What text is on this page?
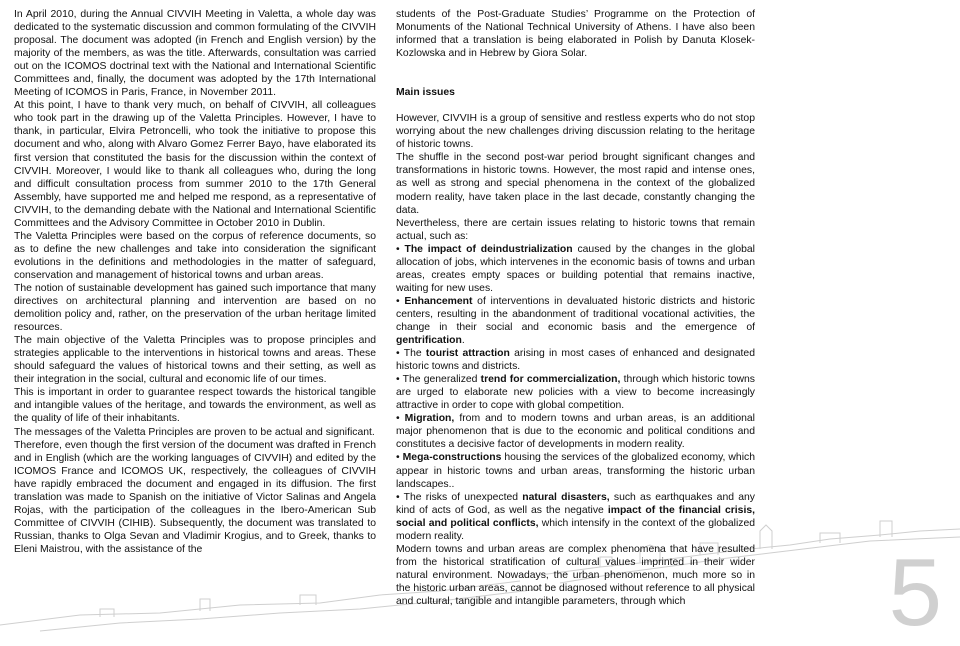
In April 2010, during the Annual CIVVIH Meeting in Valetta, a whole day was dedicated to the systematic discussion and common formulating of the CIVVIH proposal. The document was adopted (in French and English version) by the majority of the members, as was the title. Afterwards, consultation was carried out on the ICOMOS doctrinal text with the National and International Scientific Committees and, finally, the document was adopted by the 17th International Meeting of ICOMOS in Paris, France, in November 2011.

At this point, I have to thank very much, on behalf of CIVVIH, all colleagues who took part in the drawing up of the Valetta Principles. However, I have to thank, in particular, Elvira Petroncelli, who took the initiative to propose this document and who, along with Alvaro Gomez Ferrer Bayo, have elaborated its first version that constituted the basis for the discussion within the context of CIVVIH. Moreover, I would like to thank all colleagues who, during the long and difficult consultation process from summer 2010 to the 17th General Assembly, have supported me and helped me respond, as a representative of CIVVIH, to the demanding debate with the National and International Scientific Committees and the Advisory Committee in October 2010 in Dublin.

The Valetta Principles were based on the corpus of reference documents, so as to define the new challenges and take into consideration the significant evolutions in the definitions and methodologies in the matter of safeguard, conservation and management of historical towns and urban areas.

The notion of sustainable development has gained such importance that many directives on architectural planning and intervention are based on no demolition policy and, rather, on the preservation of the urban heritage limited resources.

The main objective of the Valetta Principles was to propose principles and strategies applicable to the interventions in historical towns and areas. These should safeguard the values of historical towns and their setting, as well as their integration in the social, cultural and economic life of our times.

This is important in order to guarantee respect towards the historical tangible and intangible values of the heritage, and towards the environment, as well as the quality of life of their inhabitants.

The messages of the Valetta Principles are proven to be actual and significant.

Therefore, even though the first version of the document was drafted in French and in English (which are the working languages of CIVVIH) and edited by the ICOMOS France and ICOMOS UK, respectively, the colleagues of CIVVIH have rapidly embraced the document and engaged in its diffusion. The first translation was made to Spanish on the initiative of Victor Salinas and Angela Rojas, with the participation of the colleagues in the Ibero-American Sub Committee of CIVVIH (CIHIB). Subsequently, the document was translated to Russian, thanks to Olga Sevan and Vladimir Krogius, and to Greek, thanks to Eleni Maistrou, with the assistance of the

students of the Post-Graduate Studies’ Programme on the Protection of Monuments of the National Technical University of Athens. I have also been informed that a translation is being elaborated in Polish by Danuta Klosek-Kozlowska and in Hebrew by Giora Solar.

Main issues

However, CIVVIH is a group of sensitive and restless experts who do not stop worrying about the new challenges driving discussion relating to the heritage of historic towns.

The shuffle in the second post-war period brought significant changes and transformations in historic towns. However, the most rapid and intense ones, as well as strong and special phenomena in the context of the globalized modern reality, have taken place in the last decade, constantly changing the data.

Nevertheless, there are certain issues relating to historic towns that remain actual, such as:

• The impact of deindustrialization caused by the changes in the global allocation of jobs, which intervenes in the economic basis of towns and urban areas, creates empty spaces or building potential that remains inactive, waiting for new uses.

• Enhancement of interventions in devaluated historic districts and historic centers, resulting in the abandonment of traditional vocational activities, the change in their social and economic basis and the emergence of gentrification.

• The tourist attraction arising in most cases of enhanced and designated historic towns and districts.

• The generalized trend for commercialization, through which historic towns are urged to elaborate new policies with a view to become increasingly attractive in order to cope with global competition.

• Migration, from and to modern towns and urban areas, is an additional major phenomenon that is due to the economic and political conditions and constitutes a decisive factor of developments in modern reality.

• Mega-constructions housing the services of the globalized economy, which appear in historic towns and urban areas, transforming the historic urban landscapes..

• The risks of unexpected natural disasters, such as earthquakes and any kind of acts of God, as well as the negative impact of the financial crisis, social and political conflicts, which intensify in the context of the globalized modern reality.

Modern towns and urban areas are complex phenomena that have resulted from the historical stratification of cultural values imprinted in their wider natural environment. Nowadays, the urban phenomenon, much more so in the historic urban areas, cannot be diagnosed without reference to all physical and cultural, tangible and intangible parameters, through which	5
